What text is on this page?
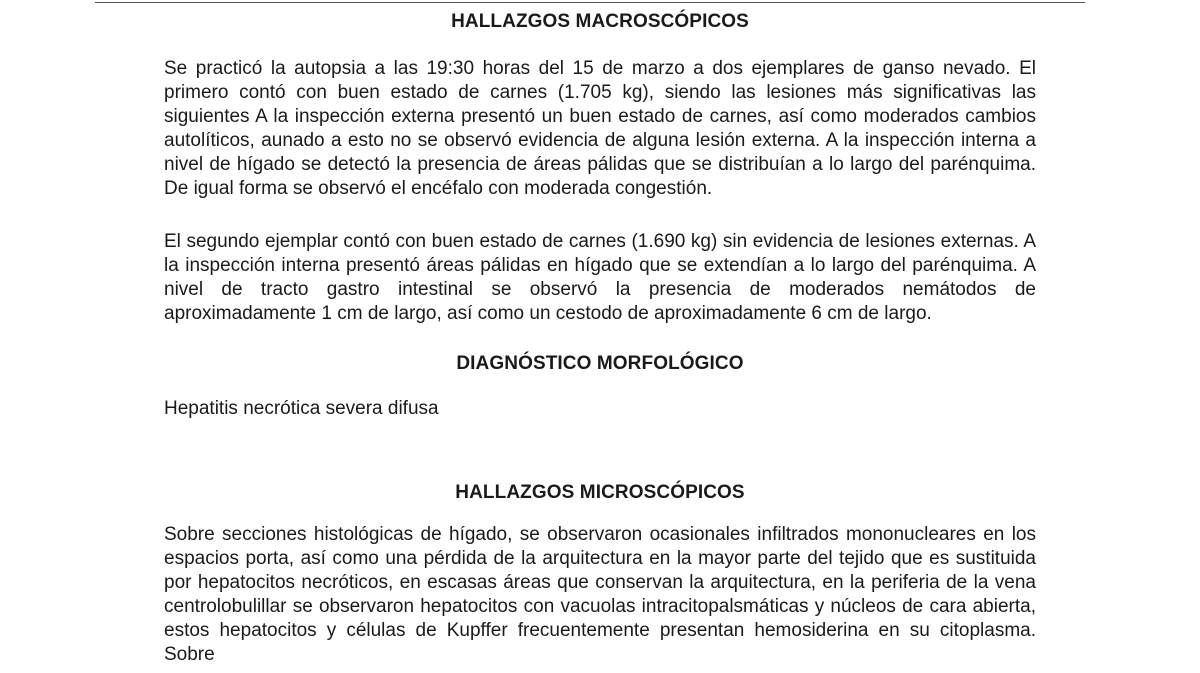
HALLAZGOS MACROSCÓPICOS

Se practicó la autopsia a las 19:30 horas del 15 de marzo a dos ejemplares de ganso nevado. El primero contó con buen estado de carnes (1.705 kg), siendo las lesiones más significativas las siguientes A la inspección externa presentó un buen estado de carnes, así como moderados cambios autolíticos, aunado a esto no se observó evidencia de alguna lesión externa. A la inspección interna a nivel de hígado se detectó la presencia de áreas pálidas que se distribuían a lo largo del parénquima. De igual forma se observó el encéfalo con moderada congestión.

El segundo ejemplar contó con buen estado de carnes (1.690 kg) sin evidencia de lesiones externas. A la inspección interna presentó áreas pálidas en hígado que se extendían a lo largo del parénquima. A nivel de tracto gastro intestinal se observó la presencia de moderados nemátodos de aproximadamente 1 cm de largo, así como un cestodo de aproximadamente 6 cm de largo.

DIAGNÓSTICO MORFOLÓGICO

Hepatitis necrótica severa difusa

HALLAZGOS MICROSCÓPICOS

Sobre secciones histológicas de hígado, se observaron ocasionales infiltrados mononucleares en los espacios porta, así como una pérdida de la arquitectura en la mayor parte del tejido que es sustituida por hepatocitos necróticos, en escasas áreas que conservan la arquitectura, en la periferia de la vena centrolobulillar se observaron hepatocitos con vacuolas intracitopalsmáticas y núcleos de cara abierta, estos hepatocitos y células de Kupffer frecuentemente presentan hemosiderina en su citoplasma. Sobre
